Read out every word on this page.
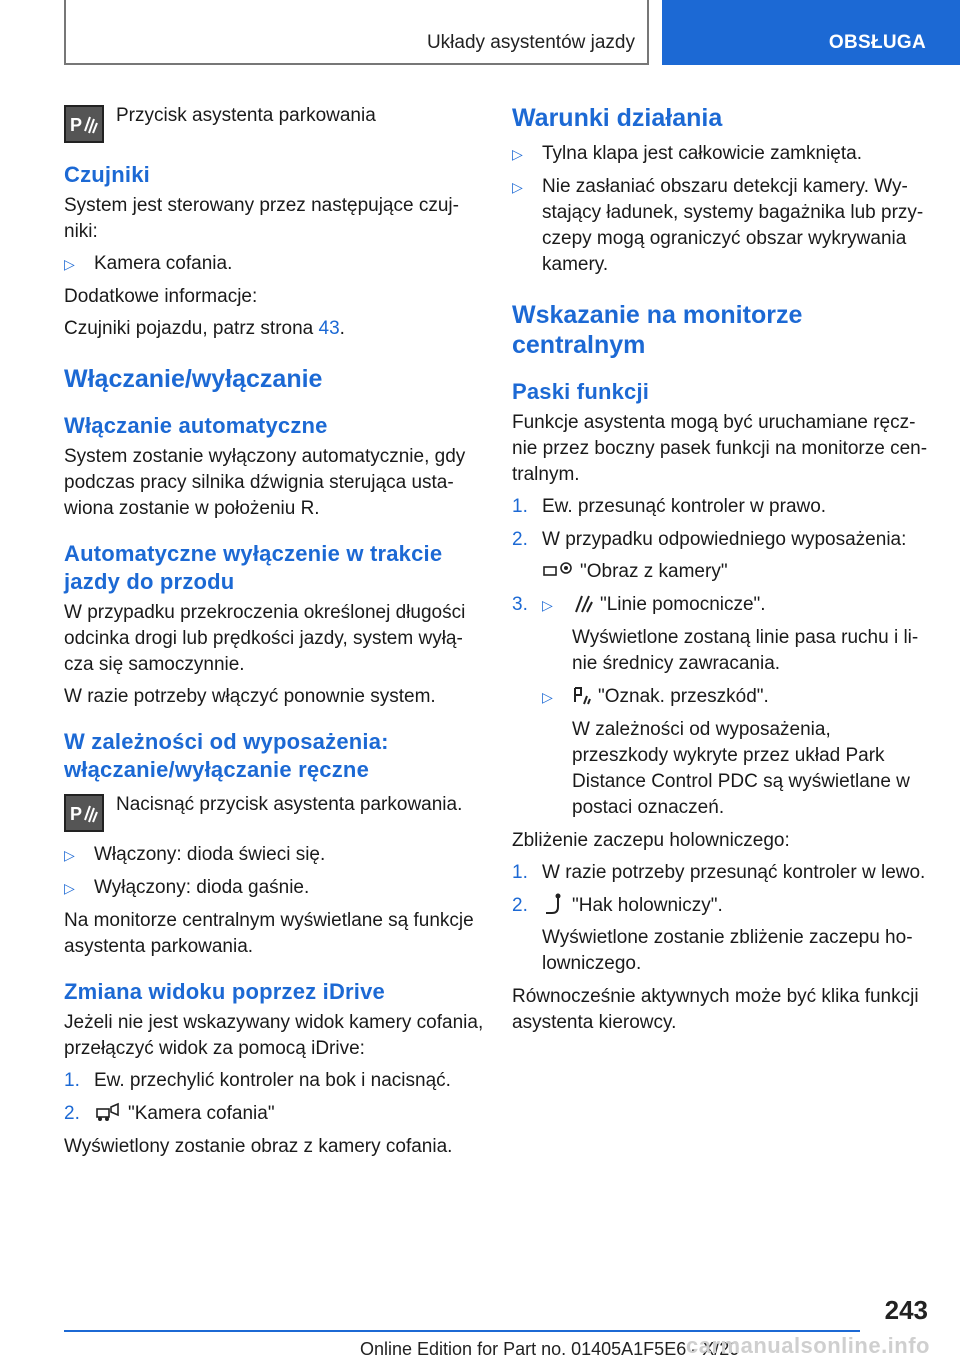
Układy asystentów jazdy	OBSŁUGA
P Przycisk asystenta parkowania
Czujniki

System jest sterowany przez następujące czuj-niki:

▷ Kamera cofania.

Dodatkowe informacje:

Czujniki pojazdu, patrz strona 43.

Włączanie/wyłączanie
Włączanie automatyczne

System zostanie wyłączony automatycznie, gdy podczas pracy silnika dźwignia sterująca usta-wiona zostanie w położeniu R.

Automatyczne wyłączenie w trakcie jazdy do przodu

W przypadku przekroczenia określonej długości odcinka drogi lub prędkości jazdy, system wyłą-cza się samoczynnie.

W razie potrzeby włączyć ponownie system.

W zależności od wyposażenia: włączanie/wyłączanie ręczne
P Nacisnąć przycisk asystenta parkowania.
▷ Włączony: dioda świeci się.
▷ Wyłączony: dioda gaśnie.

Na monitorze centralnym wyświetlane są funkcje asystenta parkowania.

Zmiana widoku poprzez iDrive

Jeżeli nie jest wskazywany widok kamery cofania, przełączyć widok za pomocą iDrive:

1. Ew. przechylić kontroler na bok i nacisnąć.
2.	"Kamera cofania"

Wyświetlony zostanie obraz z kamery cofania.

Warunki działania
▷ Tylna klapa jest całkowicie zamknięta.
▷ Nie zasłaniać obszaru detekcji kamery. Wy-stający ładunek, systemy bagażnika lub przy-czepy mogą ograniczyć obszar wykrywania kamery.
Wskazanie na monitorze centralnym
Paski funkcji

Funkcje asystenta mogą być uruchamiane ręcz-nie przez boczny pasek funkcji na monitorze cen-tralnym.

1. Ew. przesunąć kontroler w prawo.
2. W przypadku odpowiedniego wyposażenia:
"Obraz z kamery"
3. ▷ "Linie pomocnicze".
Wyświetlone zostaną linie pasa ruchu i li-nie średnicy zawracania.
▷ "Oznak. przeszkód".
W zależności od wyposażenia, przeszkody wykryte przez układ Park Distance Control PDC są wyświetlane w postaci oznaczeń.

Zbliżenie zaczepu holowniczego:

1. W razie potrzeby przesunąć kontroler w lewo.
2. "Hak holowniczy".
Wyświetlone zostanie zbliżenie zaczepu ho-lowniczego.

Równocześnie aktywnych może być klika funkcji asystenta kierowcy.

243
Online Edition for Part no. 01405A1F5E6 - X/20
carmanualsonline.info
